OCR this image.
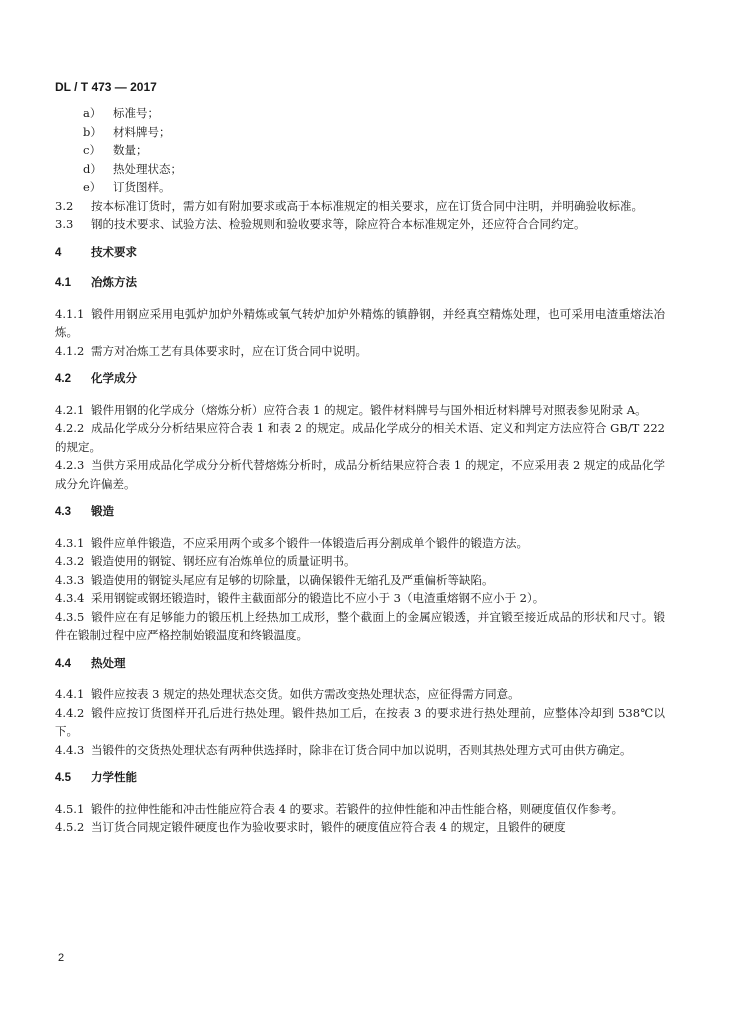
DL / T 473 — 2017
a） 标准号；
b） 材料牌号；
c） 数量；
d） 热处理状态；
e） 订货图样。

3.2 按本标准订货时，需方如有附加要求或高于本标准规定的相关要求，应在订货合同中注明，并明确验收标准。

3.3 钢的技术要求、试验方法、检验规则和验收要求等，除应符合本标准规定外，还应符合合同约定。

4	技术要求
4.1 冶炼方法

4.1.1 锻件用钢应采用电弧炉加炉外精炼或氧气转炉加炉外精炼的镇静钢，并经真空精炼处理，也可采用电渣重熔法冶炼。

4.1.2 需方对冶炼工艺有具体要求时，应在订货合同中说明。

4.2 化学成分

4.2.1 锻件用钢的化学成分（熔炼分析）应符合表 1 的规定。锻件材料牌号与国外相近材料牌号对照表参见附录 A。

4.2.2 成品化学成分分析结果应符合表 1 和表 2 的规定。成品化学成分的相关术语、定义和判定方法应符合 GB/T 222 的规定。

4.2.3 当供方采用成品化学成分分析代替熔炼分析时，成品分析结果应符合表 1 的规定，不应采用表 2 规定的成品化学成分允许偏差。

4.3 锻造

4.3.1 锻件应单件锻造，不应采用两个或多个锻件一体锻造后再分割成单个锻件的锻造方法。

4.3.2 锻造使用的钢锭、钢坯应有冶炼单位的质量证明书。

4.3.3 锻造使用的钢锭头尾应有足够的切除量，以确保锻件无缩孔及严重偏析等缺陷。

4.3.4 采用钢锭或钢坯锻造时，锻件主截面部分的锻造比不应小于 3（电渣重熔钢不应小于 2）。

4.3.5 锻件应在有足够能力的锻压机上经热加工成形，整个截面上的金属应锻透，并宜锻至接近成品的形状和尺寸。锻件在锻制过程中应严格控制始锻温度和终锻温度。

4.4 热处理

4.4.1 锻件应按表 3 规定的热处理状态交货。如供方需改变热处理状态，应征得需方同意。

4.4.2 锻件应按订货图样开孔后进行热处理。锻件热加工后，在按表 3 的要求进行热处理前，应整体冷却到 538℃以下。

4.4.3 当锻件的交货热处理状态有两种供选择时，除非在订货合同中加以说明，否则其热处理方式可由供方确定。

4.5 力学性能

4.5.1 锻件的拉伸性能和冲击性能应符合表 4 的要求。若锻件的拉伸性能和冲击性能合格，则硬度值仅作参考。

4.5.2 当订货合同规定锻件硬度也作为验收要求时，锻件的硬度值应符合表 4 的规定，且锻件的硬度

2
